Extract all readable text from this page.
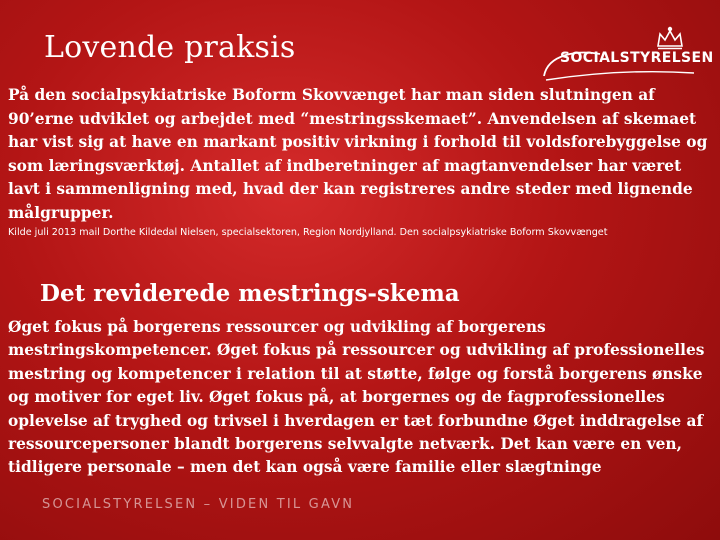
Lovende praksis	SOCIALSTYRELSEN

På den socialpsykiatriske Boform Skovvænget har man siden slutningen af 90’erne udviklet og arbejdet med “mestringsskemaet”. Anvendelsen af skemaet har vist sig at have en markant positiv virkning i forhold til voldsforebyggelse og som læringsværktøj. Antallet af indberetninger af magtanvendelser har været lavt i sammenligning med, hvad der kan registreres andre steder med lignende målgrupper.

Kilde juli 2013 mail Dorthe Kildedal Nielsen, specialsektoren, Region Nordjylland. Den socialpsykiatriske Boform Skovvænget

Det reviderede mestrings-skema

Øget fokus på borgerens ressourcer og udvikling af borgerens mestringskompetencer. Øget fokus på ressourcer og udvikling af professionelles mestring og kompetencer i relation til at støtte, følge og forstå borgerens ønske og motiver for eget liv. Øget fokus på, at borgernes og de fagprofessionelles oplevelse af tryghed og trivsel i hverdagen er tæt forbundne Øget inddragelse af ressourcepersoner blandt borgerens selvvalgte netværk. Det kan være en ven, tidligere personale – men det kan også være familie eller slægtninge

SOCIALSTYRELSEN – VIDEN TIL GAVN
